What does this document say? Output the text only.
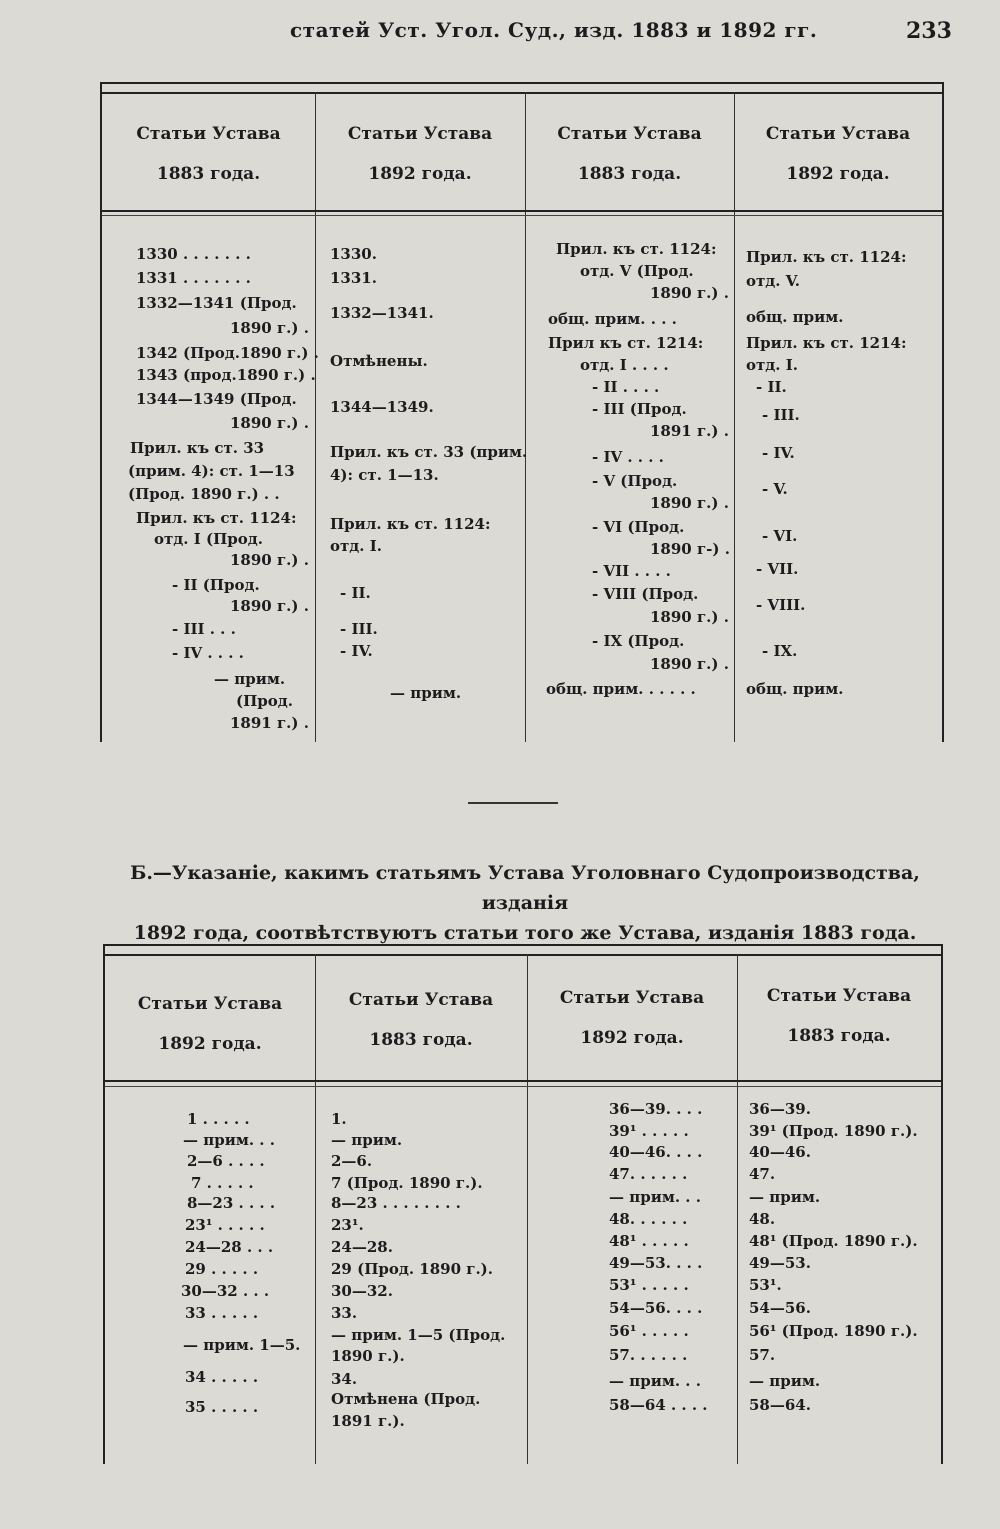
статей Уст. Угол. Суд., изд. 1883 и 1892 гг.	233
Статьи Устава
1883 года.
Статьи Устава
1892 года.
Статьи Устава
1883 года.
Статьи Устава
1892 года.
1330 . . . . . . .
1331 . . . . . . .
1332—1341 (Прод.
1890 г.) .
1342 (Прод.1890 г.) .
1343 (прод.1890 г.) .
1344—1349 (Прод.
1890 г.) .
Прил. къ ст. 33
(прим. 4): ст. 1—13
(Прод. 1890 г.) . .
Прил. къ ст. 1124:
отд. I (Прод.
1890 г.) .
- II (Прод.
1890 г.) .
- III . . .
- IV . . . .
— прим.
(Прод.
1891 г.) .
1330.
1331.
1332—1341.
Отмѣнены.
1344—1349.
Прил. къ ст. 33 (прим.
4): ст. 1—13.
Прил. къ ст. 1124:
отд. I.
- II.
- III.
- IV.
— прим.
Прил. къ ст. 1124:
отд. V (Прод.
1890 г.) .
общ. прим. . . .
Прил къ ст. 1214:
отд. I . . . .
- II . . . .
- III (Прод.
1891 г.) .
- IV . . . .
- V (Прод.
1890 г.) .
- VI (Прод.
1890 г-) .
- VII . . . .
- VIII (Прод.
1890 г.) .
- IX (Прод.
1890 г.) .
общ. прим. . . . . .
Прил. къ ст. 1124:
отд. V.
общ. прим.
Прил. къ ст. 1214:
отд. I.
- II.
- III.
- IV.
- V.
- VI.
- VII.
- VIII.
- IX.
общ. прим.
Б.—Указаніе, какимъ статьямъ Устава Уголовнаго Судопроизводства, изданія
1892 года, соотвѣтствуютъ статьи того же Устава, изданія 1883 года.
Статьи Устава
1892 года.
Статьи Устава
1883 года.
Статьи Устава
1892 года.
Статьи Устава
1883 года.
1 . . . . .
— прим. . .
2—6 . . . .
7 . . . . .
8—23 . . . .
23¹ . . . . .
24—28 . . .
29 . . . . .
30—32 . . .
33 . . . . .
— прим. 1—5.
34 . . . . .
35 . . . . .
1.
— прим.
2—6.
7 (Прод. 1890 г.).
8—23 . . . . . . . .
23¹.
24—28.
29 (Прод. 1890 г.).
30—32.
33.
— прим. 1—5 (Прод.
1890 г.).
34.
Отмѣнена (Прод.
1891 г.).
36—39. . . .
39¹ . . . . .
40—46. . . .
47. . . . . .
— прим. . .
48. . . . . .
48¹ . . . . .
49—53. . . .
53¹ . . . . .
54—56. . . .
56¹ . . . . .
57. . . . . .
— прим. . .
58—64 . . . .
36—39.
39¹ (Прод. 1890 г.).
40—46.
47.
— прим.
48.
48¹ (Прод. 1890 г.).
49—53.
53¹.
54—56.
56¹ (Прод. 1890 г.).
57.
— прим.
58—64.
